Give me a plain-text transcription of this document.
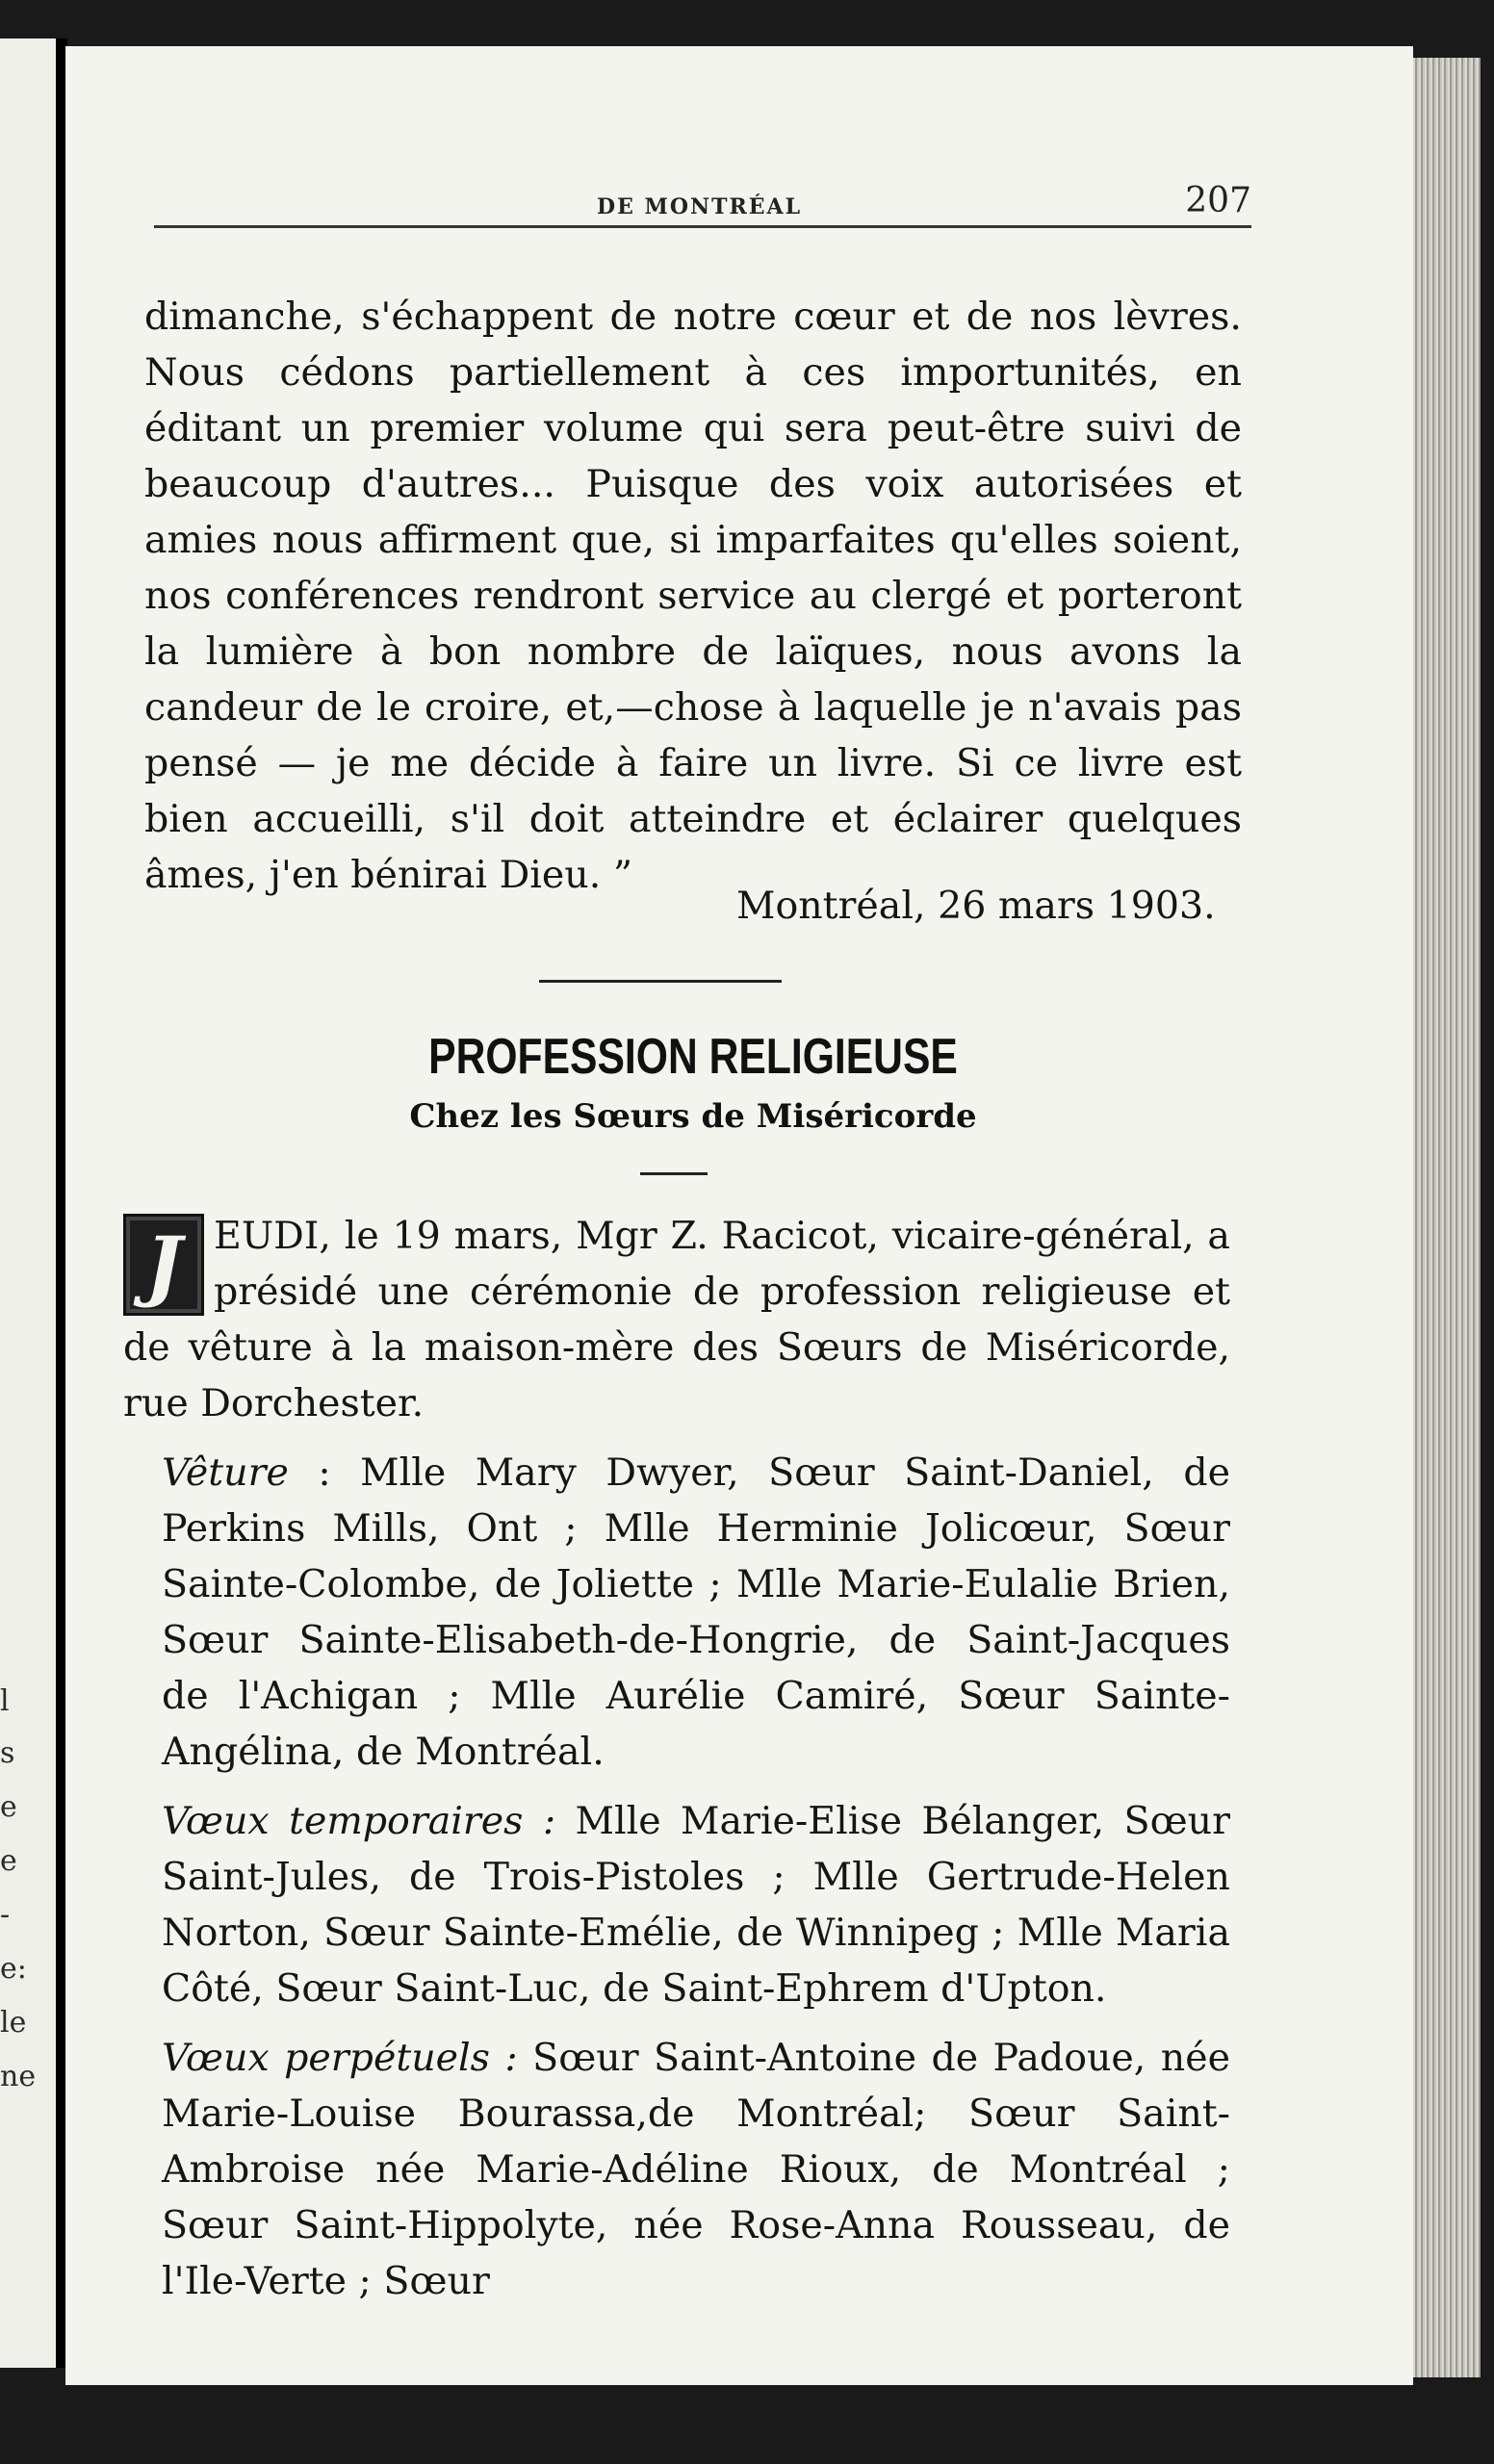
l
s
e
e
-
e:
le
ne
DE MONTRÉAL	207

dimanche, s'échappent de notre cœur et de nos lèvres. Nous cédons partiellement à ces importunités, en éditant un premier volume qui sera peut-être suivi de beaucoup d'autres... Puisque des voix autorisées et amies nous affirment que, si imparfaites qu'elles soient, nos conférences rendront service au clergé et porteront la lumière à bon nombre de laïques, nous avons la candeur de le croire, et,—chose à laquelle je n'avais pas pensé — je me décide à faire un livre. Si ce livre est bien accueilli, s'il doit atteindre et éclairer quelques âmes, j'en bénirai Dieu. ”

Montréal, 26 mars 1903.
PROFESSION RELIGIEUSE
Chez les Sœurs de Miséricorde

J EUDI, le 19 mars, Mgr Z. Racicot, vicaire-général, a présidé une cérémonie de profession religieuse et de vêture à la maison-mère des Sœurs de Miséricorde, rue Dorchester.

Vêture : Mlle Mary Dwyer, Sœur Saint-Daniel, de Perkins Mills, Ont ; Mlle Herminie Jolicœur, Sœur Sainte-Colombe, de Joliette ; Mlle Marie-Eulalie Brien, Sœur Sainte-Elisabeth-de-Hongrie, de Saint-Jacques de l'Achigan ; Mlle Aurélie Camiré, Sœur Sainte-Angélina, de Montréal.

Vœux temporaires : Mlle Marie-Elise Bélanger, Sœur Saint-Jules, de Trois-Pistoles ; Mlle Gertrude-Helen Norton, Sœur Sainte-Emélie, de Winnipeg ; Mlle Maria Côté, Sœur Saint-Luc, de Saint-Ephrem d'Upton.

Vœux perpétuels : Sœur Saint-Antoine de Padoue, née Marie-Louise Bourassa,de Montréal; Sœur Saint-Ambroise née Marie-Adéline Rioux, de Montréal ; Sœur Saint-Hippolyte, née Rose-Anna Rousseau, de l'Ile-Verte ; Sœur
